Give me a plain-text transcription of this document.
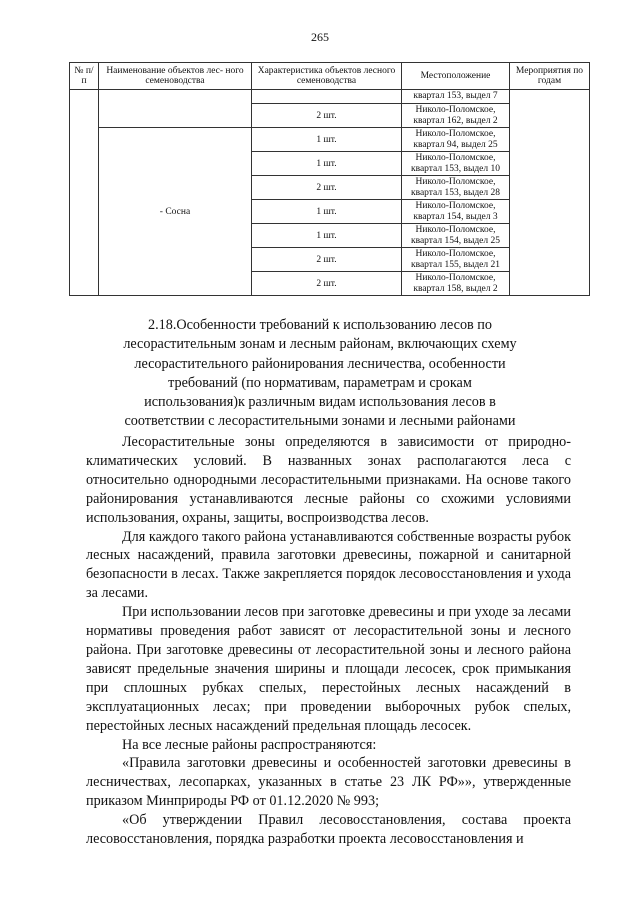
265
№ п/п	Наименование объектов лес- ного семеноводства	Характеристика объектов лесного семеноводства	Местоположение	Мероприятия по годам
			квартал 153, выдел 7	
		2 шт.	Николо-Поломское, квартал 162, выдел 2	
	- Сосна	1 шт.	Николо-Поломское, квартал 94, выдел 25	
		1 шт.	Николо-Поломское, квартал 153, выдел 10	
		2 шт.	Николо-Поломское, квартал 153, выдел 28	
		1 шт.	Николо-Поломское, квартал 154, выдел 3	
		1 шт.	Николо-Поломское, квартал 154, выдел 25	
		2 шт.	Николо-Поломское, квартал 155, выдел 21	
		2 шт.	Николо-Поломское, квартал 158, выдел 2	
2.18.Особенности требований к использованию лесов по лесорастительным зонам и лесным районам, включающих схему лесорастительного районирования лесничества, особенности требований (по нормативам, параметрам и срокам использования)к различным видам использования лесов в соответствии с лесорастительными зонами и лесными районами

Лесорастительные зоны определяются в зависимости от природно-климатических условий. В названных зонах располагаются леса с относительно однородными лесорастительными признаками. На основе такого районирования устанавливаются лесные районы со схожими условиями использования, охраны, защиты, воспроизводства лесов.

Для каждого такого района устанавливаются собственные возрасты рубок лесных насаждений, правила заготовки древесины, пожарной и санитарной безопасности в лесах. Также закрепляется порядок лесовосстановления и ухода за лесами.

При использовании лесов при заготовке древесины и при уходе за лесами нормативы проведения работ зависят от лесорастительной зоны и лесного района. При заготовке древесины от лесорастительной зоны и лесного района зависят предельные значения ширины и площади лесосек, срок примыкания при сплошных рубках спелых, перестойных лесных насаждений в эксплуатационных лесах; при проведении выборочных рубок спелых, перестойных лесных насаждений предельная площадь лесосек.

На все лесные районы распространяются:

«Правила заготовки древесины и особенностей заготовки древесины в лесничествах, лесопарках, указанных в статье 23 ЛК РФ»», утвержденные приказом Минприроды РФ от 01.12.2020 № 993;

«Об утверждении Правил лесовосстановления, состава проекта лесовосстановления, порядка разработки проекта лесовосстановления и
